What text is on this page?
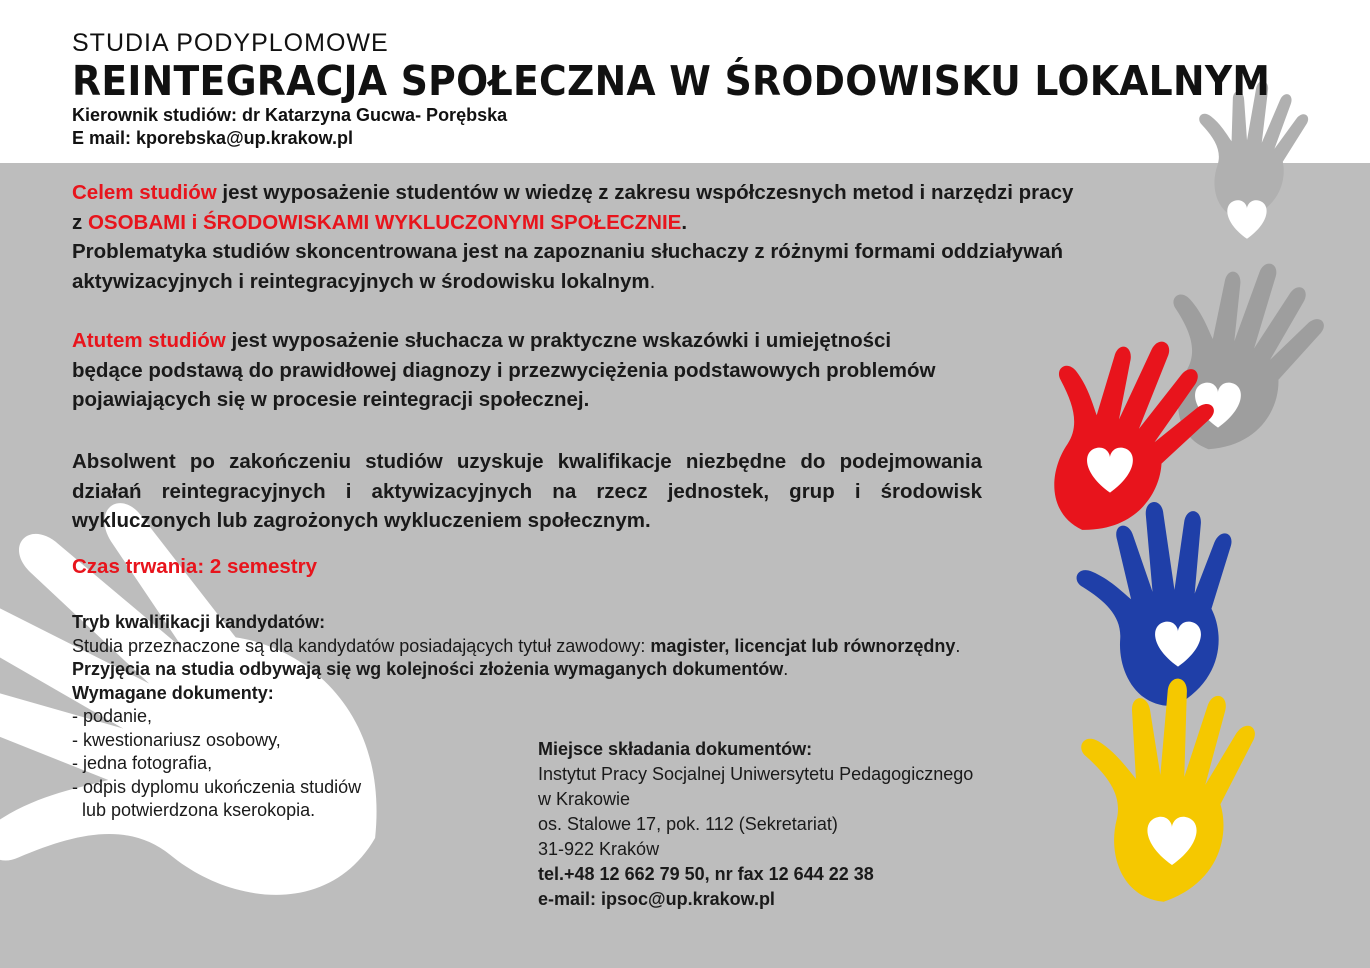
STUDIA PODYPLOMOWE
REINTEGRACJA SPOŁECZNA W ŚRODOWISKU LOKALNYM
Kierownik studiów: dr Katarzyna Gucwa- Porębska
E mail: kporebska@up.krakow.pl
Celem studiów jest wyposażenie studentów w wiedzę z zakresu współczesnych metod i narzędzi pracy
z OSOBAMI i ŚRODOWISKAMI WYKLUCZONYMI SPOŁECZNIE.
Problematyka studiów skoncentrowana jest na zapoznaniu słuchaczy z różnymi formami oddziaływań
aktywizacyjnych i reintegracyjnych w środowisku lokalnym.
Atutem studiów jest wyposażenie słuchacza w praktyczne wskazówki i umiejętności
będące podstawą do prawidłowej diagnozy i przezwyciężenia podstawowych problemów
pojawiających się w procesie reintegracji społecznej.
Absolwent po zakończeniu studiów uzyskuje kwalifikacje niezbędne do podejmowania
działań reintegracyjnych i aktywizacyjnych na rzecz jednostek, grup i środowisk
wykluczonych lub zagrożonych wykluczeniem społecznym.
Czas trwania: 2 semestry
Tryb kwalifikacji kandydatów:
Studia przeznaczone są dla kandydatów posiadających tytuł zawodowy: magister, licencjat lub równorzędny.
Przyjęcia na studia odbywają się wg kolejności złożenia wymaganych dokumentów.
Wymagane dokumenty:
- podanie,
- kwestionariusz osobowy,
- jedna fotografia,
- odpis dyplomu ukończenia studiów
lub potwierdzona kserokopia.
Miejsce składania dokumentów:
Instytut Pracy Socjalnej Uniwersytetu Pedagogicznego
w Krakowie
os. Stalowe 17, pok. 112 (Sekretariat)
31-922 Kraków
tel.+48 12 662 79 50, nr fax 12 644 22 38
e-mail: ipsoc@up.krakow.pl
